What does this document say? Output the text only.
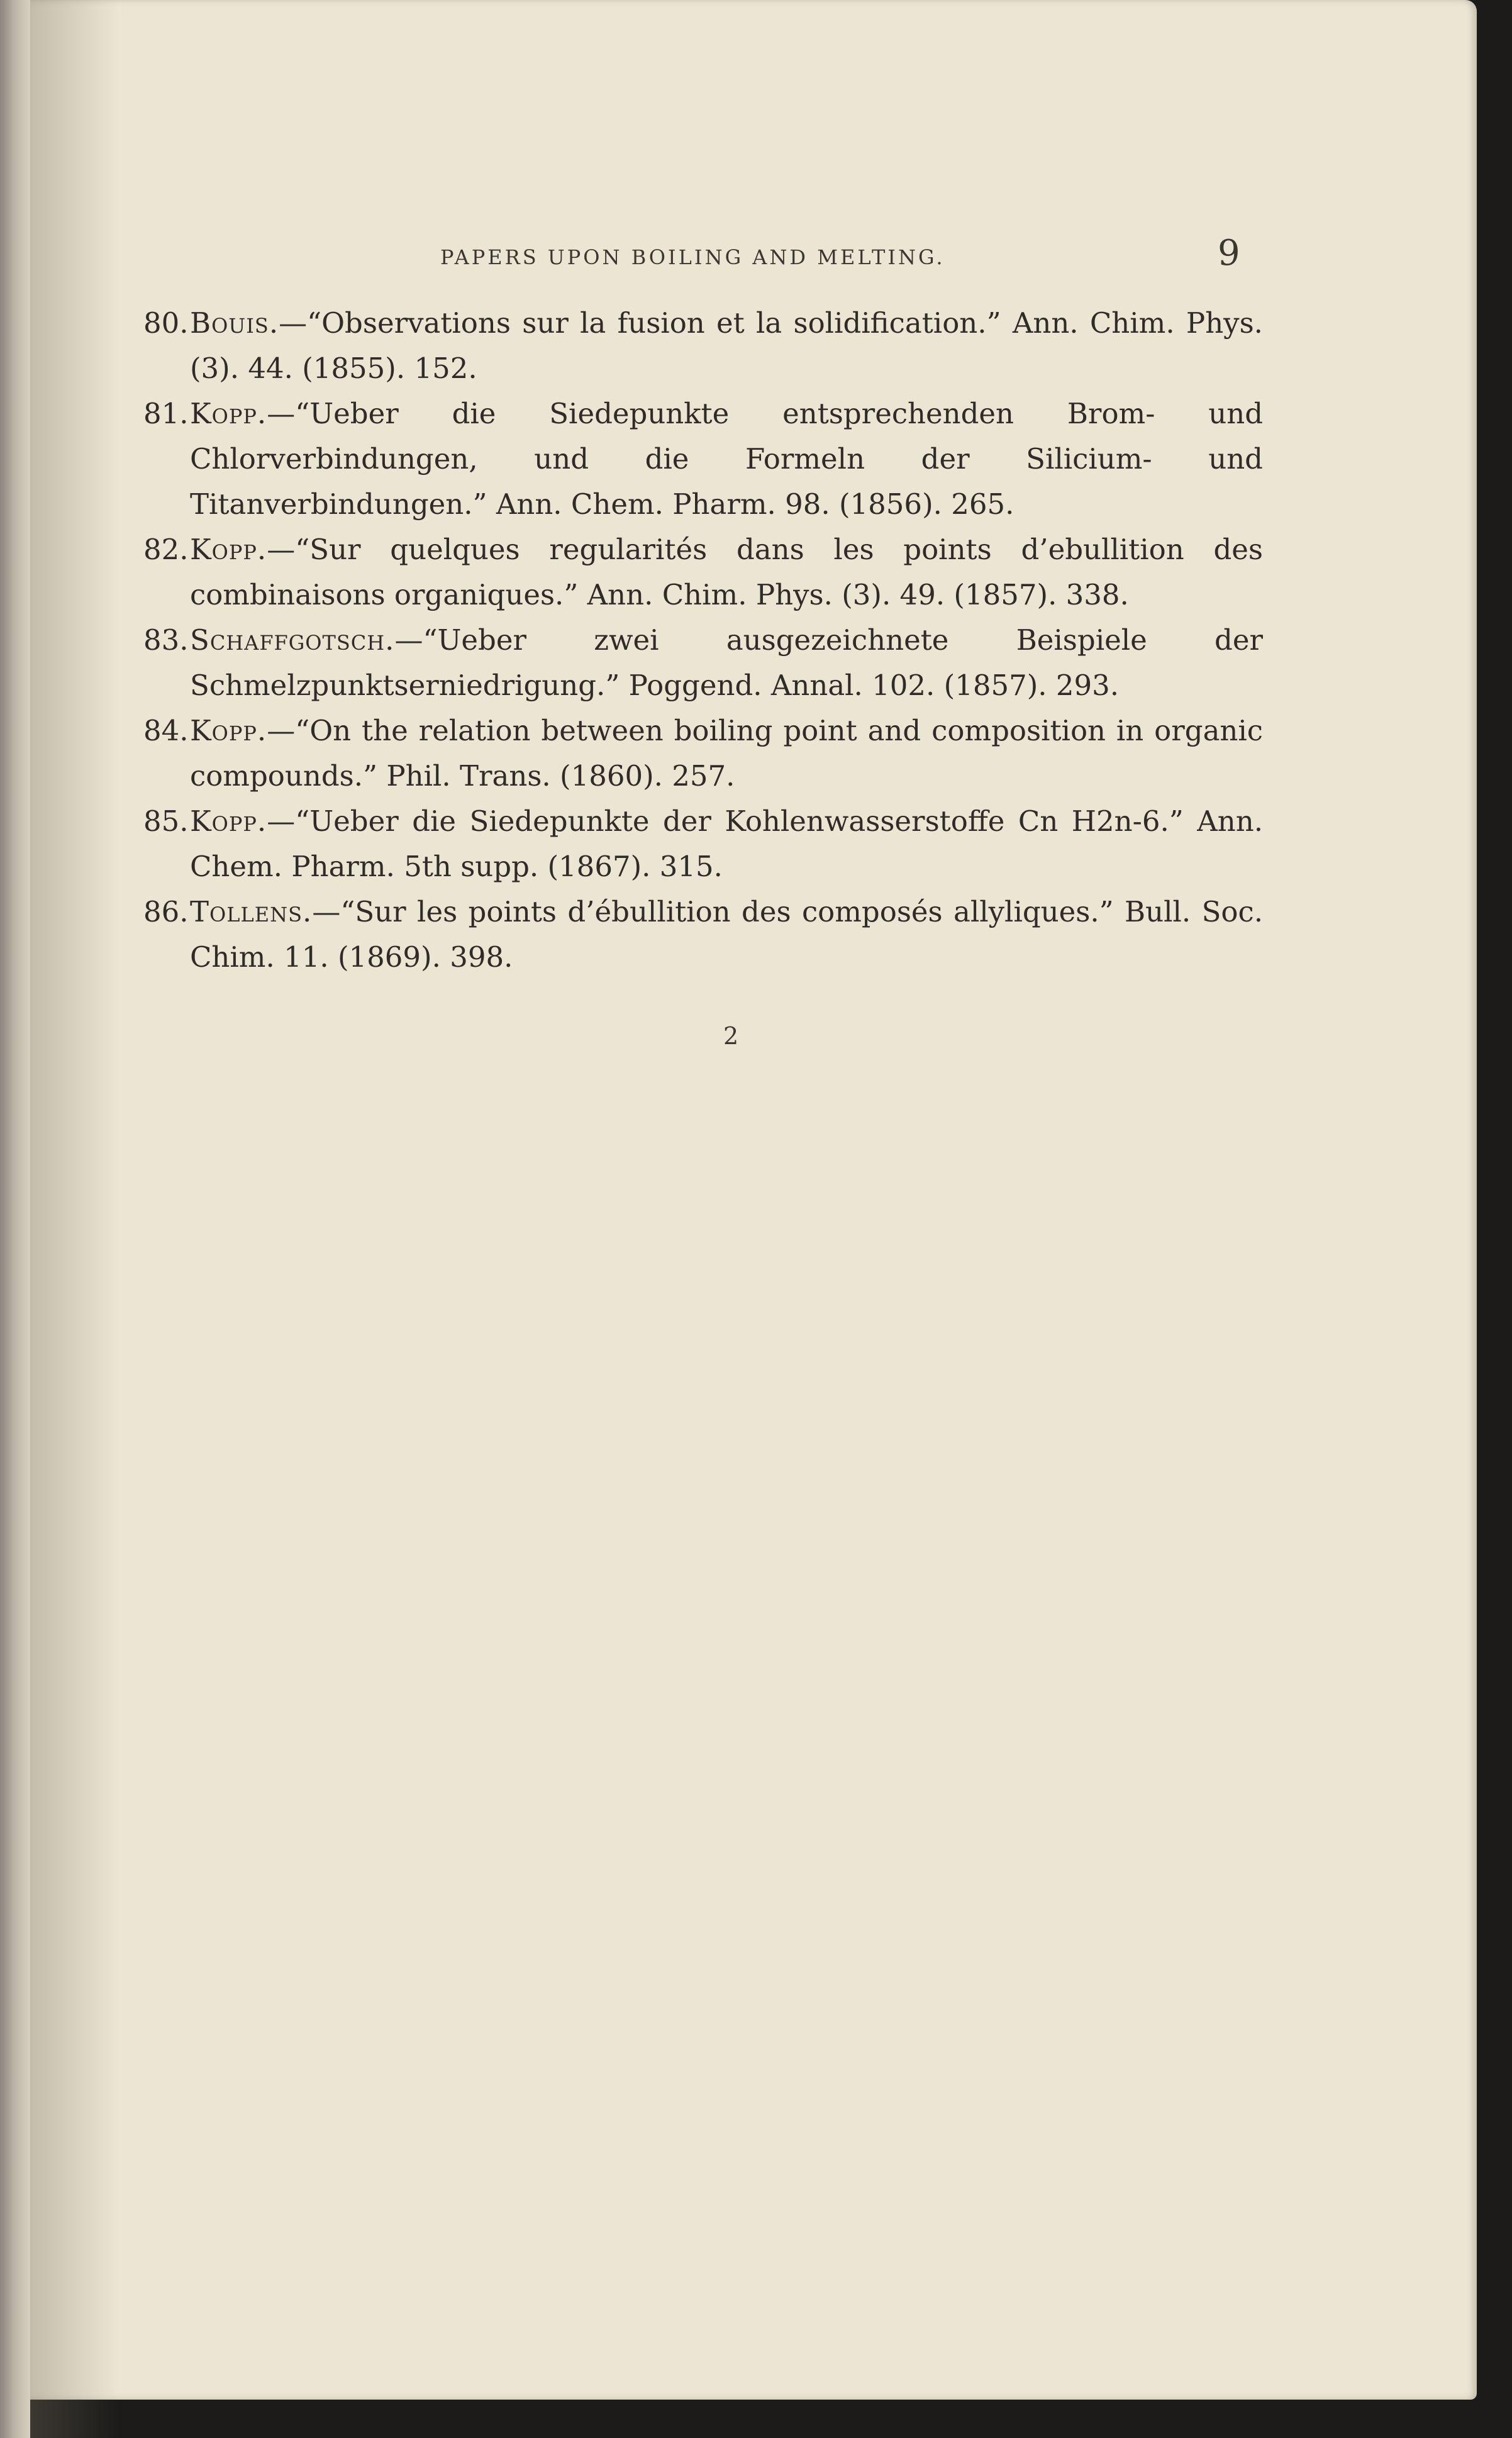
PAPERS UPON BOILING AND MELTING.	9
80. Bouis.—“Observations sur la fusion et la solidification.” Ann. Chim. Phys. (3). 44. (1855). 152.
81. Kopp.—“Ueber die Siedepunkte entsprechenden Brom- und Chlorverbindungen, und die Formeln der Silicium- und Titanverbindungen.” Ann. Chem. Pharm. 98. (1856). 265.
82. Kopp.—“Sur quelques regularités dans les points d’ebullition des combinaisons organiques.” Ann. Chim. Phys. (3). 49. (1857). 338.
83. Schaffgotsch.—“Ueber zwei ausgezeichnete Beispiele der Schmelzpunktserniedrigung.” Poggend. Annal. 102. (1857). 293.
84. Kopp.—“On the relation between boiling point and composition in organic compounds.” Phil. Trans. (1860). 257.
85. Kopp.—“Ueber die Siedepunkte der Kohlenwasserstoffe Cn H2n-6.” Ann. Chem. Pharm. 5th supp. (1867). 315.
86. Tollens.—“Sur les points d’ébullition des composés allyliques.” Bull. Soc. Chim. 11. (1869). 398.
2
